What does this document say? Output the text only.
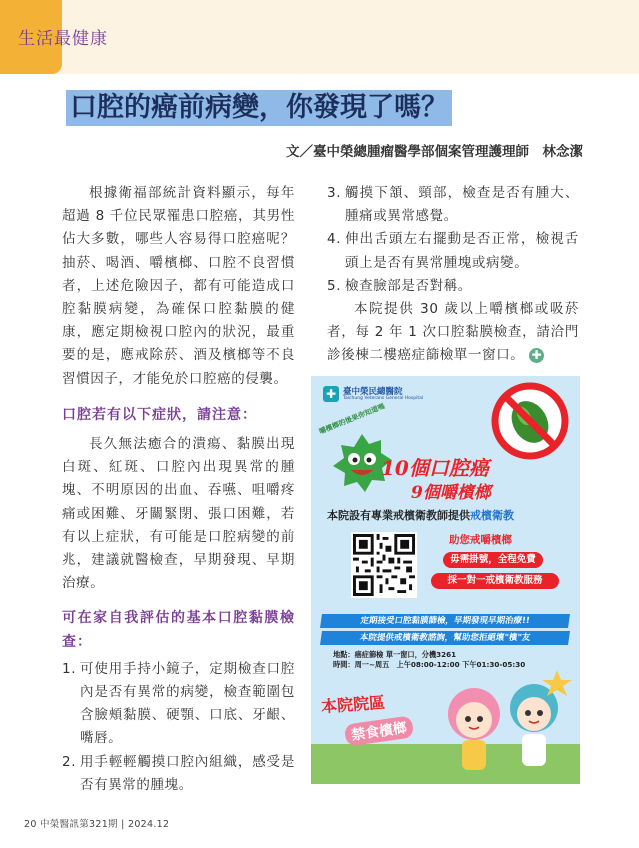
生活最健康
口腔的癌前病變，你發現了嗎？
文／臺中榮總腫瘤醫學部個案管理護理師　林念潔

根據衛福部統計資料顯示，每年超過 8 千位民眾罹患口腔癌，其男性佔大多數，哪些人容易得口腔癌呢？抽菸、喝酒、嚼檳榔、口腔不良習慣者，上述危險因子，都有可能造成口腔黏膜病變，為確保口腔黏膜的健康，應定期檢視口腔內的狀況，最重要的是，應戒除菸、酒及檳榔等不良習慣因子，才能免於口腔癌的侵襲。

口腔若有以下症狀，請注意：

長久無法癒合的潰瘍、黏膜出現白斑、紅斑、口腔內出現異常的腫塊、不明原因的出血、吞嚥、咀嚼疼痛或困難、牙關緊閉、張口困難，若有以上症狀，有可能是口腔病變的前兆，建議就醫檢查，早期發現、早期治療。

可在家自我評估的基本口腔黏膜檢查：

1. 可使用手持小鏡子，定期檢查口腔內是否有異常的病變，檢查範圍包含臉頰黏膜、硬顎、口底、牙齦、嘴唇。
2. 用手輕輕觸摸口腔內組織，感受是否有異常的腫塊。
3. 觸摸下頷、頸部，檢查是否有腫大、腫痛或異常感覺。
4. 伸出舌頭左右擺動是否正常，檢視舌頭上是否有異常腫塊或病變。
5. 檢查臉部是否對稱。

本院提供 30 歲以上嚼檳榔或吸菸者，每 2 年 1 次口腔黏膜檢查，請洽門診後棟二樓癌症篩檢單一窗口。 ✚

✚ 臺中榮民總醫院
Taichung Veterans General Hospital
嚼檳榔的後果你知道嗎
10個口腔癌
9個嚼檳榔
本院設有專業戒檳衛教師提供戒檳衛教
助您戒嚼檳榔
毋需掛號，全程免費
採一對一戒檳衛教服務
定期接受口腔黏膜篩檢，早期發現早期治療!!
本院提供戒檳衛教諮詢，幫助您拒絕壞"檳"友
地點：癌症篩檢 單一窗口，分機3261
時間：周一~周五　上午08:00-12:00 下午01:30-05:30
本院院區
禁食檳榔
20 中榮醫訊第321期 | 2024.12
